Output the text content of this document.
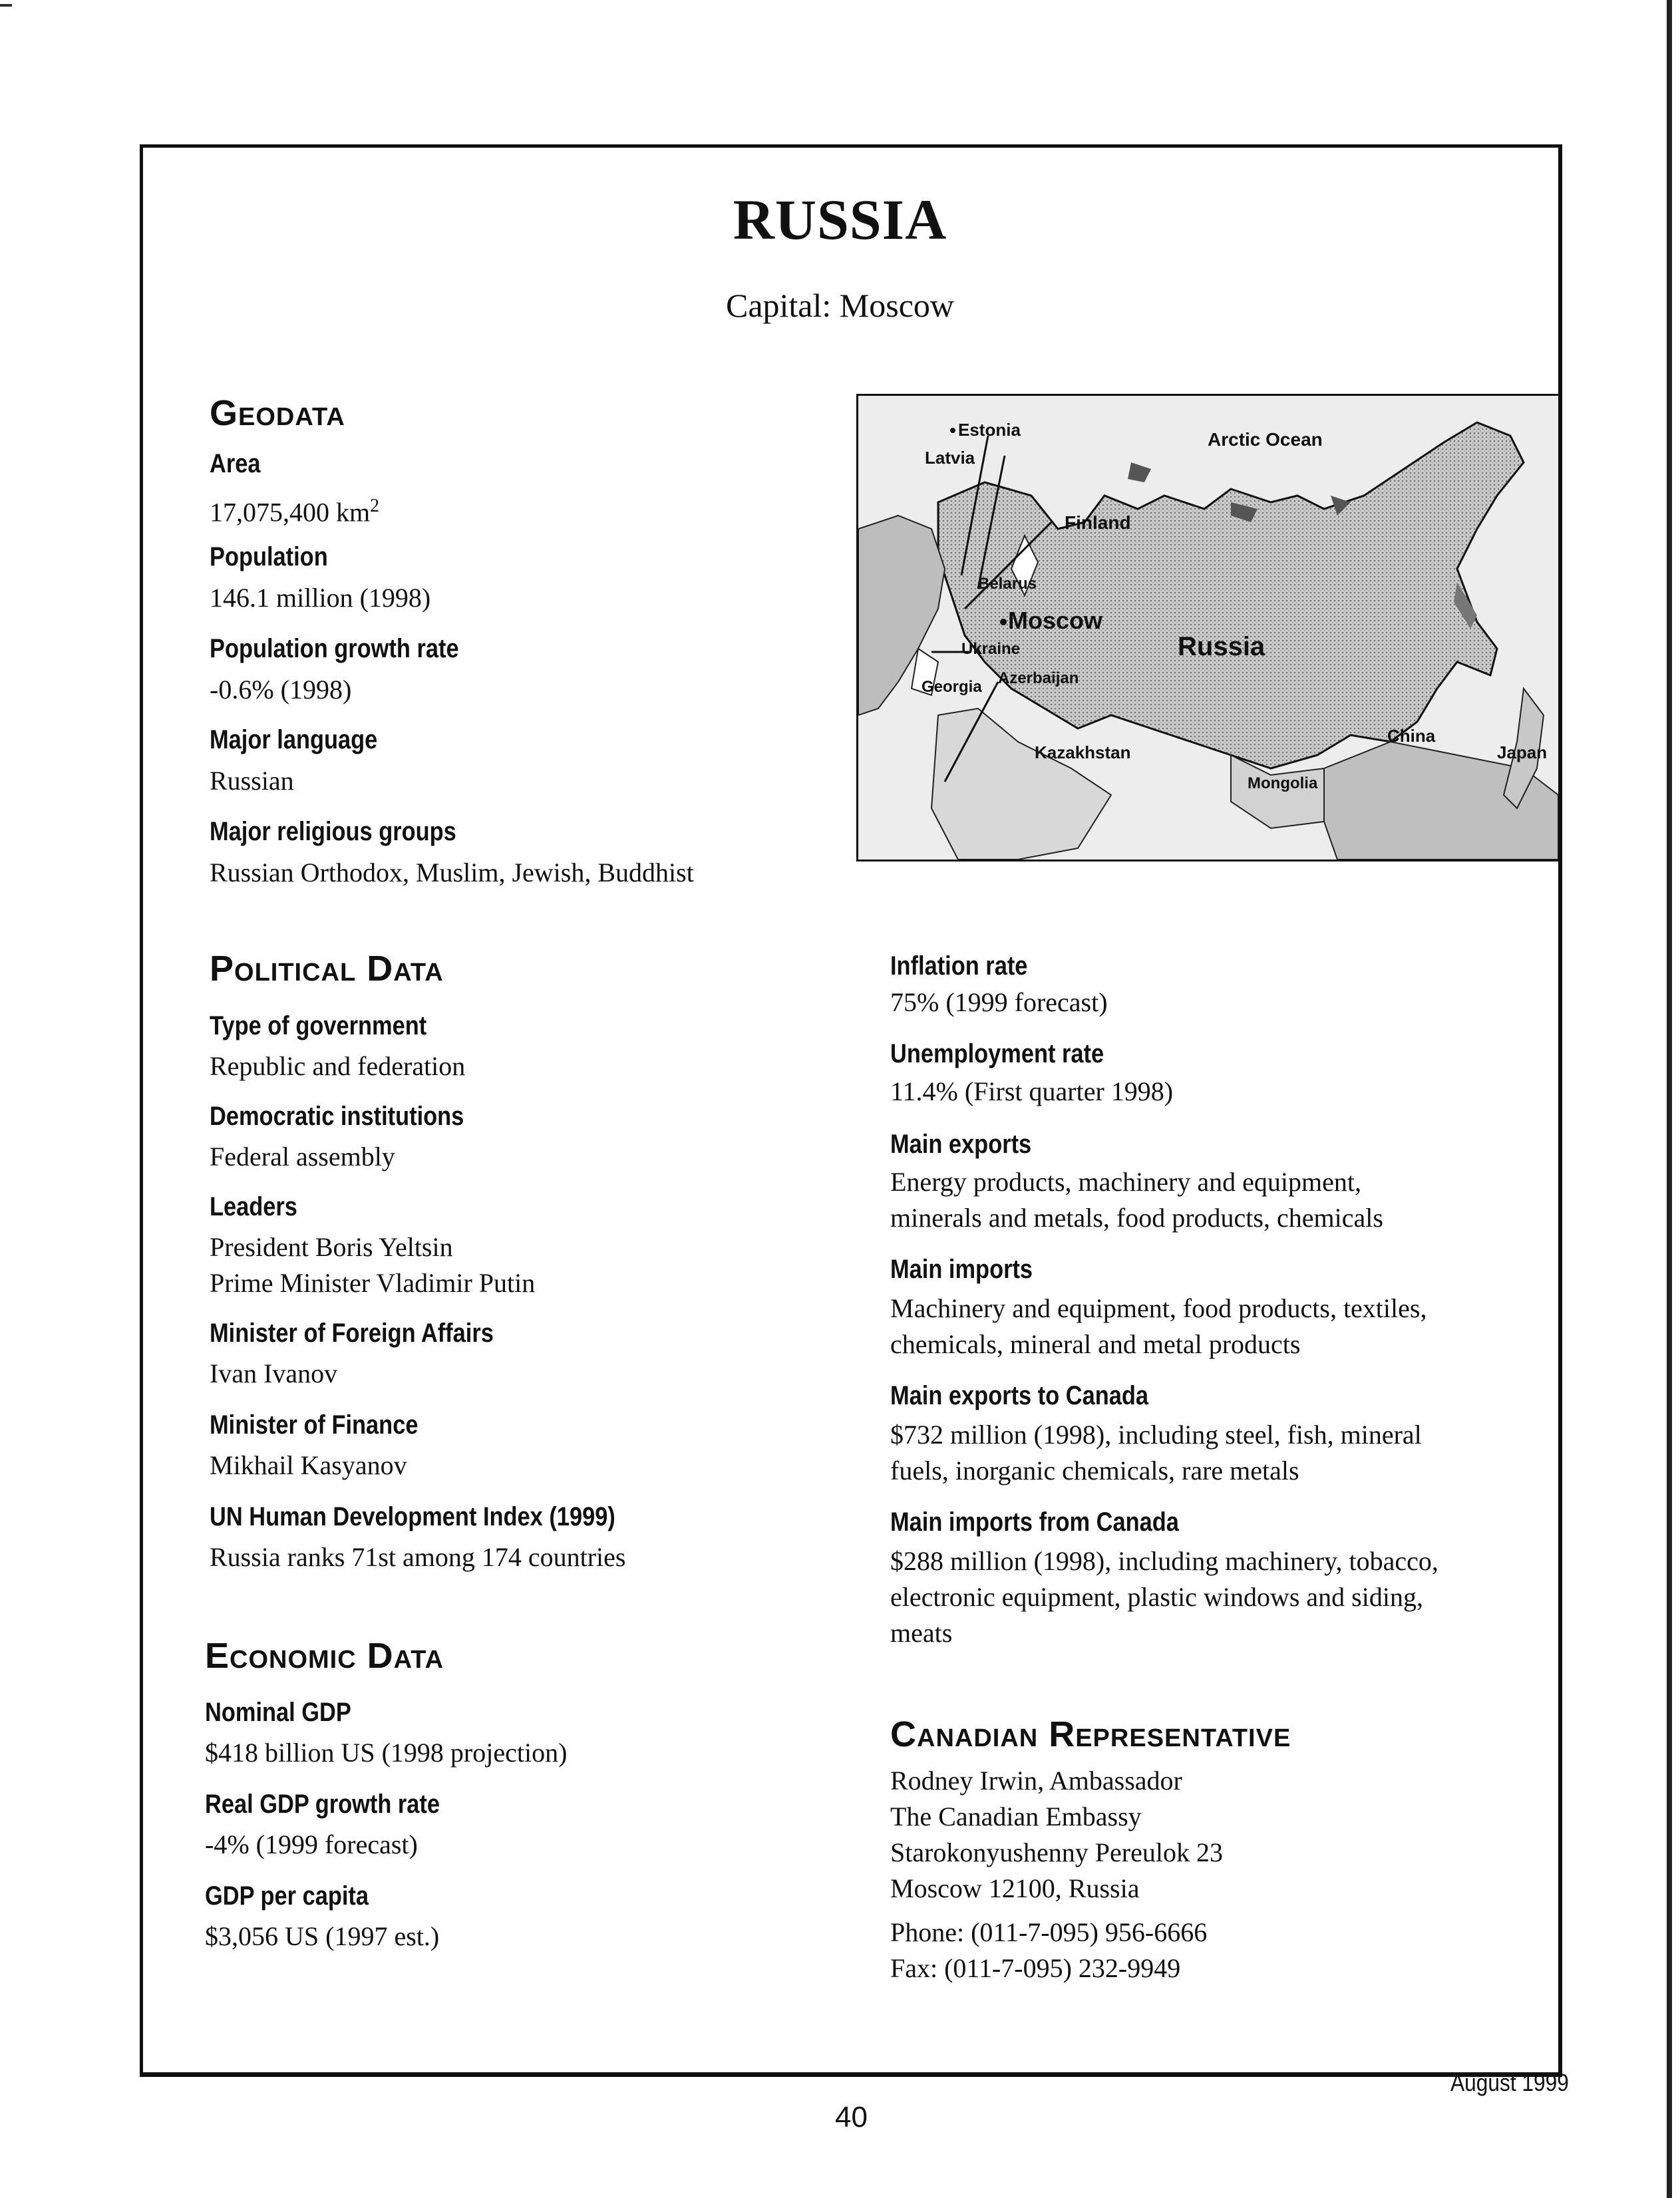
RUSSIA
Capital: Moscow
Geodata
Area
17,075,400 $km^2$
Population
146.1 million (1998)
Population growth rate
-0.6% (1998)
Major language
Russian
Major religious groups
Russian Orthodox, Muslim, Jewish, Buddhist
Estonia
Latvia
Arctic Ocean
Finland
Belarus
Moscow
Ukraine	Russia
Georgia Azerbaijan
Kazakhstan
China
Japan
Mongolia
Political Data
Type of government
Republic and federation
Democratic institutions
Federal assembly
Leaders
President Boris Yeltsin
Prime Minister Vladimir Putin
Minister of Foreign Affairs
Ivan Ivanov
Minister of Finance
Mikhail Kasyanov
UN Human Development Index (1999)
Russia ranks 71st among 174 countries
Economic Data
Nominal GDP
$418 billion US (1998 projection)
Real GDP growth rate
-4% (1999 forecast)
GDP per capita
$3,056 US (1997 est.)
Inflation rate
75% (1999 forecast)
Unemployment rate
11.4% (First quarter 1998)
Main exports
Energy products, machinery and equipment,
minerals and metals, food products, chemicals
Main imports
Machinery and equipment, food products, textiles,
chemicals, mineral and metal products
Main exports to Canada
$732 million (1998), including steel, fish, mineral
fuels, inorganic chemicals, rare metals
Main imports from Canada
$288 million (1998), including machinery, tobacco,
electronic equipment, plastic windows and siding,
meats
Canadian Representative
Rodney Irwin, Ambassador
The Canadian Embassy
Starokonyushenny Pereulok 23
Moscow 12100, Russia
Phone: (011-7-095) 956-6666
Fax: (011-7-095) 232-9949
August 1999
40
